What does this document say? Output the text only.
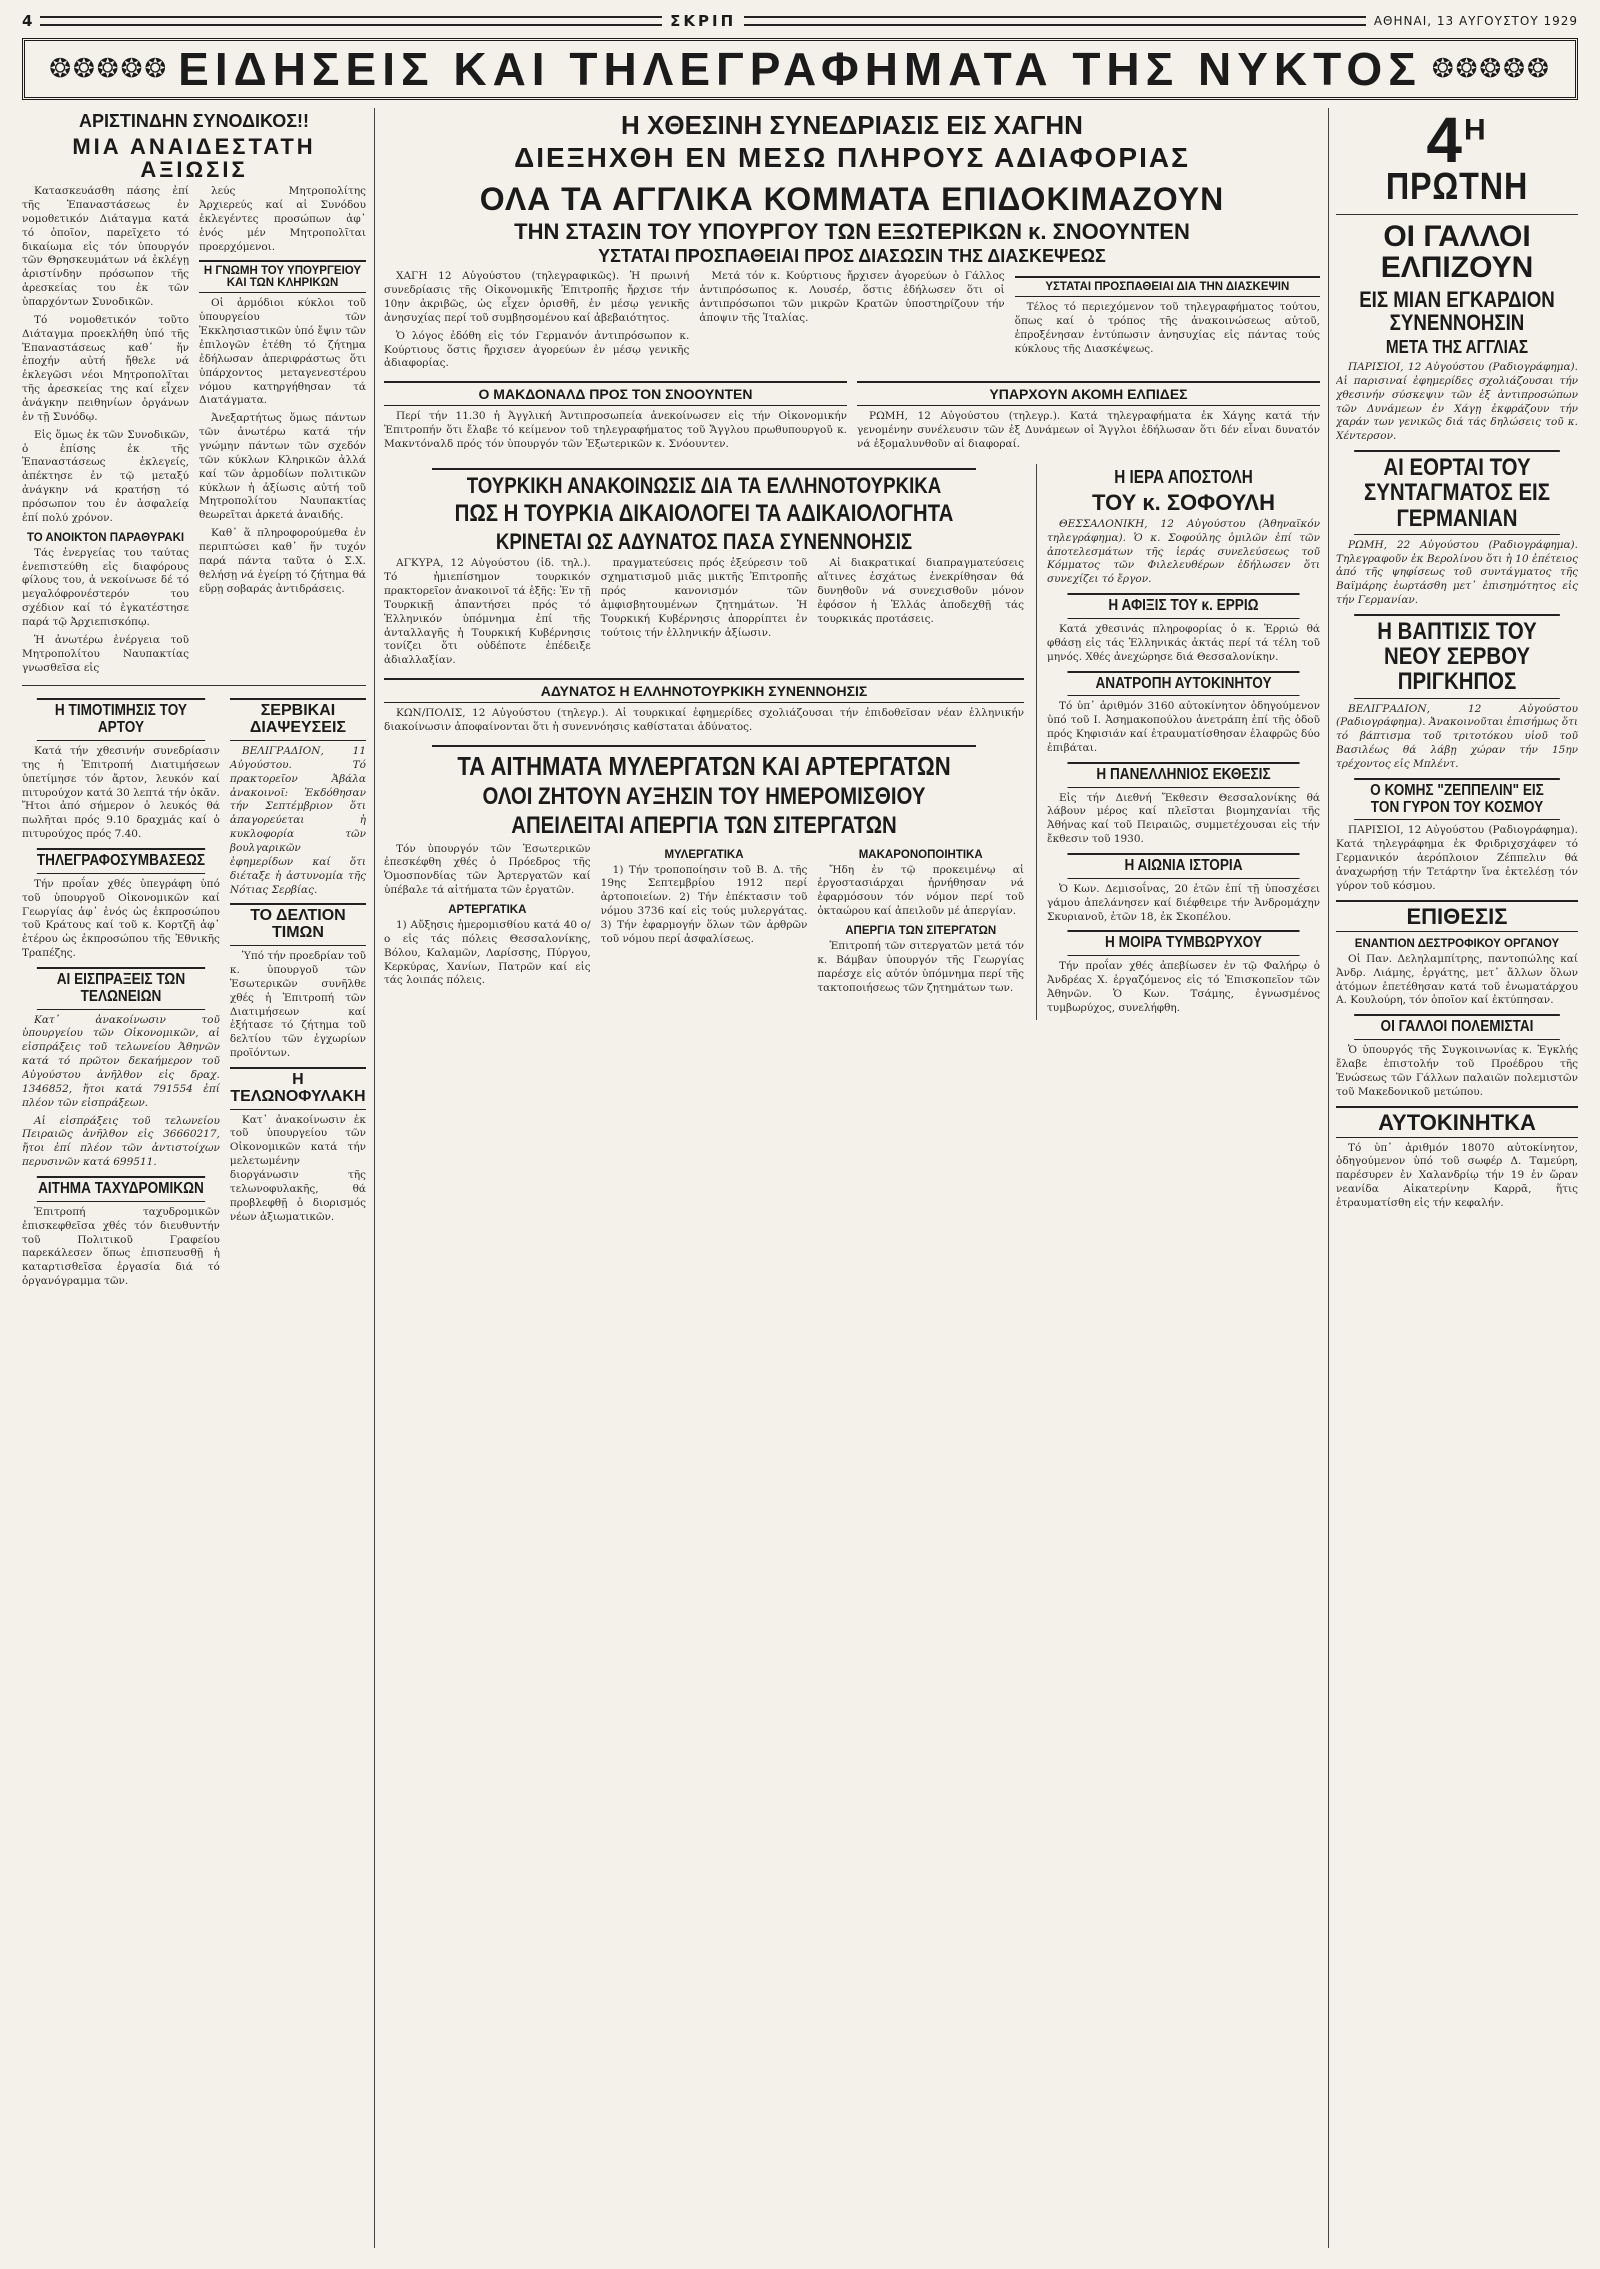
4	ΣΚΡΙΠ	ΑΘΗΝΑΙ, 13 ΑΥΓΟΥΣΤΟΥ 1929
❂❂❂❂❂ ΕΙΔΗΣΕΙΣ ΚΑΙ ΤΗΛΕΓΡΑΦΗΜΑΤΑ ΤΗΣ ΝΥΚΤΟΣ ❂❂❂❂❂
ΑΡΙΣΤΙΝΔΗΝ ΣΥΝΟΔΙΚΟΣ!!
ΜΙΑ ΑΝΑΙΔΕΣΤΑΤΗ ΑΞΙΩΣΙΣ

Κατασκευάσθη πάσης ἐπί τῆς Ἐπαναστάσεως ἐν νομοθετικόν Διάταγμα κατά τό ὁποῖον, παρεῖχετο τό δικαίωμα εἰς τόν ὑπουργόν τῶν Θρησκευμάτων νά ἐκλέγῃ ἀριστίνδην πρόσωπον τῆς ἀρεσκείας του ἐκ τῶν ὑπαρχόντων Συνοδικῶν.

Τό νομοθετικόν τοῦτο Διάταγμα προεκλήθη ὑπό τῆς Ἐπαναστάσεως καθ᾽ ἥν ἐποχήν αὐτή ἤθελε νά ἐκλεγῶσι νέοι Μητροπολῖται τῆς ἀρεσκείας της καί εἶχεν ἀνάγκην πειθηνίων ὀργάνων ἐν τῇ Συνόδῳ.

Εἰς ὅμως ἐκ τῶν Συνοδικῶν, ὁ ἐπίσης ἐκ τῆς Ἐπαναστάσεως ἐκλεγείς, ἀπέκτησε ἐν τῷ μεταξύ ἀνάγκην νά κρατήσῃ τό πρόσωπον του ἐν ἀσφαλείᾳ ἐπί πολύ χρόνον.

ΤΟ ΑΝΟΙΚΤΟΝ ΠΑΡΑΘΥΡΑΚΙ

Τάς ἐνεργείας του ταύτας ἐνεπιστεύθη εἰς διαφόρους φίλους του, ἀ νεκοίνωσε δέ τό μεγαλόφρονέστερόν του σχέδιον καί τό ἐγκατέστησε παρά τῷ Ἀρχιεπισκόπῳ.

Ἡ ἀνωτέρω ἐνέργεια τοῦ Μητροπολίτου Ναυπακτίας γνωσθεῖσα εἰς

λεύς Μητροπολίτης Ἀρχιερεύς καί αἱ Συνόδου ἐκλεγέντες προσώπων ἀφ᾽ ἑνός μέν Μητροπολῖται προερχόμενοι.

Η ΓΝΩΜΗ ΤΟΥ ΥΠΟΥΡΓΕΙΟΥ ΚΑΙ ΤΩΝ ΚΛΗΡΙΚΩΝ

Οἱ ἁρμόδιοι κύκλοι τοῦ ὑπουργείου τῶν Ἐκκλησιαστικῶν ὑπό ἔψιν τῶν ἐπιλογῶν ἐτέθη τό ζήτημα ἐδήλωσαν ἀπεριφράστως ὅτι ὑπάρχοντος μεταγενεστέρου νόμου κατηργήθησαν τά Διατάγματα.

Ἀνεξαρτήτως ὅμως πάντων τῶν ἀνωτέρω κατά τήν γνώμην πάντων τῶν σχεδόν τῶν κύκλων Κληρικῶν ἀλλά καί τῶν ἁρμοδίων πολιτικῶν κύκλων ἡ ἀξίωσις αὐτή τοῦ Μητροπολίτου Ναυπακτίας θεωρεῖται ἀρκετά ἀναιδής.

Καθ᾽ ἅ πληροφορούμεθα ἐν περιπτώσει καθ᾽ ἥν τυχόν παρά πάντα ταῦτα ὁ Σ.Χ. θελήσῃ νά ἐγείρῃ τό ζήτημα θά εὕρῃ σοβαράς ἀντιδράσεις.

Η ΤΙΜΟΤΙΜΗΣΙΣ ΤΟΥ ΑΡΤΟΥ

Κατά τήν χθεσινήν συνεδρίασιν της ἡ Ἐπιτροπή Διατιμήσεων ὑπετίμησε τόν ἄρτον, λευκόν καί πιτυρούχον κατά 30 λεπτά τήν ὀκᾶν. Ἤτοι ἀπό σήμερον ὁ λευκός θά πωλῆται πρός 9.10 δραχμάς καί ὁ πιτυρούχος πρός 7.40.

ΤΗΛΕΓΡΑΦΟΣΥΜΒΑΣΕΩΣ

Τήν προΐαν χθές ὑπεγράφη ὑπό τοῦ ὑπουργοῦ Οἰκονομικῶν καί Γεωργίας ἀφ᾽ ἑνός ὡς ἐκπροσώπου τοῦ Κράτους καί τοῦ κ. Κορτζῆ ἀφ᾽ ἑτέρου ὡς ἐκπροσώπου τῆς Ἐθνικῆς Τραπέζης.

ΑΙ ΕΙΣΠΡΑΞΕΙΣ ΤΩΝ ΤΕΛΩΝΕΙΩΝ

Κατ᾽ ἀνακοίνωσιν τοῦ ὑπουργείου τῶν Οἰκονομικῶν, αἱ εἰσπράξεις τοῦ τελωνείου Ἀθηνῶν κατά τό πρῶτον δεκαήμερον τοῦ Αὐγούστου ἀνῆλθον εἰς δραχ. 1346852, ἤτοι κατά 791554 ἐπί πλέον τῶν εἰσπράξεων.

Αἱ εἰσπράξεις τοῦ τελωνείου Πειραιῶς ἀνῆλθον εἰς 36660217, ἤτοι ἐπί πλέον τῶν ἀντιστοίχων περυσινῶν κατά 699511.

ΑΙΤΗΜΑ ΤΑΧΥΔΡΟΜΙΚΩΝ

Ἐπιτροπή ταχυδρομικῶν ἐπισκεφθεῖσα χθές τόν διευθυντήν τοῦ Πολιτικοῦ Γραφείου παρεκάλεσεν ὅπως ἐπισπευσθῇ ἡ καταρτισθεῖσα ἐργασία διά τό ὀργανόγραμμα τῶν.

ΣΕΡΒΙΚΑΙ ΔΙΑΨΕΥΣΕΙΣ

ΒΕΛΙΓΡΑΔΙΟΝ, 11 Αὐγούστου. Τό πρακτορεῖον Ἀβάλα ἀνακοινοῖ: Ἐκδόθησαν τήν Σεπτέμβριον ὅτι ἀπαγορεύεται ἡ κυκλοφορία τῶν βουλγαρικῶν ἐφημερίδων καί ὅτι διέταξε ἡ ἀστυνομία τῆς Νότιας Σερβίας.

ΤΟ ΔΕΛΤΙΟΝ ΤΙΜΩΝ

Ὑπό τήν προεδρίαν τοῦ κ. ὑπουργοῦ τῶν Ἐσωτερικῶν συνῆλθε χθές ἡ Ἐπιτροπή τῶν Διατιμήσεων καί ἐξήτασε τό ζήτημα τοῦ δελτίου τῶν ἐγχωρίων προϊόντων.

Η ΤΕΛΩΝΟΦΥΛΑΚΗ

Κατ᾽ ἀνακοίνωσιν ἐκ τοῦ ὑπουργείου τῶν Οἰκονομικῶν κατά τήν μελετωμένην διοργάνωσιν τῆς τελωνοφυλακῆς, θά προβλεφθῇ ὁ διορισμός νέων ἀξιωματικῶν.

Η ΧΘΕΣΙΝΗ ΣΥΝΕΔΡΙΑΣΙΣ ΕΙΣ ΧΑΓΗΝ
ΔΙΕΞΗΧΘΗ ΕΝ ΜΕΣΩ ΠΛΗΡΟΥΣ ΑΔΙΑΦΟΡΙΑΣ
ΟΛΑ ΤΑ ΑΓΓΛΙΚΑ ΚΟΜΜΑΤΑ ΕΠΙΔΟΚΙΜΑΖΟΥΝ
ΤΗΝ ΣΤΑΣΙΝ ΤΟΥ ΥΠΟΥΡΓΟΥ ΤΩΝ ΕΞΩΤΕΡΙΚΩΝ κ. ΣΝΟΟΥΝΤΕΝ
ΥΣΤΑΤΑΙ ΠΡΟΣΠΑΘΕΙΑΙ ΠΡΟΣ ΔΙΑΣΩΣΙΝ ΤΗΣ ΔΙΑΣΚΕΨΕΩΣ

ΧΑΓΗ 12 Αὐγούστου (τηλεγραφικῶς). Ἡ πρωινή συνεδρίασις τῆς Οἰκονομικῆς Ἐπιτροπῆς ἤρχισε τήν 10ην ἀκριβῶς, ὡς εἶχεν ὁρισθῆ, ἐν μέσῳ γενικῆς ἀνησυχίας περί τοῦ συμβησομένου καί ἀβεβαιότητος.

Ὁ λόγος ἐδόθη εἰς τόν Γερμανόν ἀντιπρόσωπον κ. Κούρτιους ὅστις ἤρχισεν ἀγορεύων ἐν μέσῳ γενικῆς ἀδιαφορίας.

Μετά τόν κ. Κούρτιους ἤρχισεν ἀγορεύων ὁ Γάλλος ἀντιπρόσωπος κ. Λουσέρ, ὅστις ἐδήλωσεν ὅτι οἱ ἀντιπρόσωποι τῶν μικρῶν Κρατῶν ὑποστηρίζουν τήν ἀποψιν τῆς Ἰταλίας.

ΥΣΤΑΤΑΙ ΠΡΟΣΠΑΘΕΙΑΙ ΔΙΑ ΤΗΝ ΔΙΑΣΚΕΨΙΝ

Τέλος τό περιεχόμενον τοῦ τηλεγραφήματος τούτου, ὅπως καί ὁ τρόπος τῆς ἀνακοινώσεως αὐτοῦ, ἐπροξένησαν ἐντύπωσιν ἀνησυχίας εἰς πάντας τούς κύκλους τῆς Διασκέψεως.

Ο ΜΑΚΔΟΝΑΛΔ ΠΡΟΣ ΤΟΝ ΣΝΟΟΥΝΤΕΝ

Περί τήν 11.30 ἡ Ἀγγλική Ἀντιπροσωπεία ἀνεκοίνωσεν εἰς τήν Οἰκονομικήν Ἐπιτροπήν ὅτι ἔλαβε τό κείμενον τοῦ τηλεγραφήματος τοῦ Ἄγγλου πρωθυπουργοῦ κ. Μακντόναλδ πρός τόν ὑπουργόν τῶν Ἐξωτερικῶν κ. Σνόουντεν.

ΥΠΑΡΧΟΥΝ ΑΚΟΜΗ ΕΛΠΙΔΕΣ

ΡΩΜΗ, 12 Αὐγούστου (τηλεγρ.). Κατά τηλεγραφήματα ἐκ Χάγης κατά τήν γενομένην συνέλευσιν τῶν ἐξ Δυνάμεων οἱ Ἄγγλοι ἐδήλωσαν ὅτι δέν εἶναι δυνατόν νά ἐξομαλυνθοῦν αἱ διαφοραί.

ΤΟΥΡΚΙΚΗ ΑΝΑΚΟΙΝΩΣΙΣ ΔΙΑ ΤΑ ΕΛΛΗΝΟΤΟΥΡΚΙΚΑ
ΠΩΣ Η ΤΟΥΡΚΙΑ ΔΙΚΑΙΟΛΟΓΕΙ ΤΑ ΑΔΙΚΑΙΟΛΟΓΗΤΑ
ΚΡΙΝΕΤΑΙ ΩΣ ΑΔΥΝΑΤΟΣ ΠΑΣΑ ΣΥΝΕΝΝΟΗΣΙΣ

ΑΓΚΥΡΑ, 12 Αὐγούστου (ἰδ. τηλ.). Τό ἡμιεπίσημον τουρκικόν πρακτορεῖον ἀνακοινοῖ τά ἑξῆς: Ἐν τῇ Τουρκικῇ ἀπαντήσει πρός τό Ἑλληνικόν ὑπόμνημα ἐπί τῆς ἀνταλλαγῆς ἡ Τουρκική Κυβέρνησις τονίζει ὅτι οὐδέποτε ἐπέδειξε ἀδιαλλαξίαν.

πραγματεύσεις πρός ἐξεύρεσιν τοῦ σχηματισμοῦ μιᾶς μικτῆς Ἐπιτροπῆς πρός κανονισμόν τῶν ἀμφισβητουμένων ζητημάτων. Ἡ Τουρκική Κυβέρνησις ἀπορρίπτει ἐν τούτοις τήν ἑλληνικήν ἀξίωσιν.

Αἱ διακρατικαί διαπραγματεύσεις αἵτινες ἐσχάτως ἐνεκρίθησαν θά δυνηθοῦν νά συνεχισθοῦν μόνον ἐφόσον ἡ Ἑλλάς ἀποδεχθῇ τάς τουρκικάς προτάσεις.

ΑΔΥΝΑΤΟΣ Η ΕΛΛΗΝΟΤΟΥΡΚΙΚΗ ΣΥΝΕΝΝΟΗΣΙΣ

ΚΩΝ/ΠΟΛΙΣ, 12 Αὐγούστου (τηλεγρ.). Αἱ τουρκικαί ἐφημερίδες σχολιάζουσαι τήν ἐπιδοθεῖσαν νέαν ἑλληνικήν διακοίνωσιν ἀποφαίνονται ὅτι ἡ συνεννόησις καθίσταται ἀδύνατος.

ΤΑ ΑΙΤΗΜΑΤΑ ΜΥΛΕΡΓΑΤΩΝ ΚΑΙ ΑΡΤΕΡΓΑΤΩΝ
ΟΛΟΙ ΖΗΤΟΥΝ ΑΥΞΗΣΙΝ ΤΟΥ ΗΜΕΡΟΜΙΣΘΙΟΥ
ΑΠΕΙΛΕΙΤΑΙ ΑΠΕΡΓΙΑ ΤΩΝ ΣΙΤΕΡΓΑΤΩΝ

Τόν ὑπουργόν τῶν Ἐσωτερικῶν ἐπεσκέφθη χθές ὁ Πρόεδρος τῆς Ὁμοσπονδίας τῶν Ἀρτεργατῶν καί ὑπέβαλε τά αἰτήματα τῶν ἐργατῶν.

ΑΡΤΕΡΓΑΤΙΚΑ

1) Αὔξησις ἡμερομισθίου κατά 40 ο/ο εἰς τάς πόλεις Θεσσαλονίκης, Βόλου, Καλαμῶν, Λαρίσσης, Πύργου, Κερκύρας, Χανίων, Πατρῶν καί εἰς τάς λοιπάς πόλεις.

ΜΥΛΕΡΓΑΤΙΚΑ

1) Τήν τροποποίησιν τοῦ Β. Δ. τῆς 19ης Σεπτεμβρίου 1912 περί ἀρτοποιείων. 2) Τήν ἐπέκτασιν τοῦ νόμου 3736 καί εἰς τούς μυλεργάτας. 3) Τήν ἐφαρμογήν ὅλων τῶν ἀρθρῶν τοῦ νόμου περί ἀσφαλίσεως.

ΜΑΚΑΡΟΝΟΠΟΙΗΤΙΚΑ

Ἤδη ἐν τῷ προκειμένῳ αἱ ἐργοστασιάρχαι ἠρνήθησαν νά ἐφαρμόσουν τόν νόμον περί τοῦ ὀκταώρου καί ἀπειλοῦν μέ ἀπεργίαν.

ΑΠΕΡΓΙΑ ΤΩΝ ΣΙΤΕΡΓΑΤΩΝ

Ἐπιτροπή τῶν σιτεργατῶν μετά τόν κ. Βάμβαν ὑπουργόν τῆς Γεωργίας παρέσχε εἰς αὐτόν ὑπόμνημα περί τῆς τακτοποιήσεως τῶν ζητημάτων των.

Η ΙΕΡΑ ΑΠΟΣΤΟΛΗ
ΤΟΥ κ. ΣΟΦΟΥΛΗ

ΘΕΣΣΑΛΟΝΙΚΗ, 12 Αὐγούστου (Ἀθηναϊκόν τηλεγράφημα). Ὁ κ. Σοφούλης ὁμιλῶν ἐπί τῶν ἀποτελεσμάτων τῆς ἱεράς συνελεύσεως τοῦ Κόμματος τῶν Φιλελευθέρων ἐδήλωσεν ὅτι συνεχίζει τό ἔργον.

Η ΑΦΙΞΙΣ ΤΟΥ κ. ΕΡΡΙΩ

Κατά χθεσινάς πληροφορίας ὁ κ. Ἐρριώ θά φθάσῃ εἰς τάς Ἑλληνικάς ἀκτάς περί τά τέλη τοῦ μηνός. Χθές ἀνεχώρησε διά Θεσσαλονίκην.

ΑΝΑΤΡΟΠΗ ΑΥΤΟΚΙΝΗΤΟΥ

Τό ὑπ᾽ ἀριθμόν 3160 αὐτοκίνητον ὁδηγούμενον ὑπό τοῦ Ι. Ἀσημακοπούλου ἀνετράπη ἐπί τῆς ὁδοῦ πρός Κηφισιάν καί ἐτραυματίσθησαν ἐλαφρῶς δύο ἐπιβάται.

Η ΠΑΝΕΛΛΗΝΙΟΣ ΕΚΘΕΣΙΣ

Εἰς τήν Διεθνή Ἔκθεσιν Θεσσαλονίκης θά λάβουν μέρος καί πλεῖσται βιομηχανίαι τῆς Ἀθήνας καί τοῦ Πειραιῶς, συμμετέχουσαι εἰς τήν ἔκθεσιν τοῦ 1930.

Η ΑΙΩΝΙΑ ΙΣΤΟΡΙΑ

Ὁ Κων. Δεμισοΐνας, 20 ἐτῶν ἐπί τῇ ὑποσχέσει γάμου ἀπελάνησεν καί διέφθειρε τήν Ἀνδρομάχην Σκυριανοῦ, ἐτῶν 18, ἐκ Σκοπέλου.

Η ΜΟΙΡΑ ΤΥΜΒΩΡΥΧΟΥ

Τήν προΐαν χθές ἀπεβίωσεν ἐν τῷ Φαλήρῳ ὁ Ἀνδρέας Χ. ἐργαζόμενος εἰς τό Ἐπισκοπεῖον τῶν Ἀθηνῶν. Ὁ Κων. Τσάμης, ἐγνωσμένος τυμβωρύχος, συνελήφθη.

$4^H$
ΠΡΩΤΝΗ
ΟΙ ΓΑΛΛΟΙ ΕΛΠΙΖΟΥΝ
ΕΙΣ ΜΙΑΝ ΕΓΚΑΡΔΙΟΝ ΣΥΝΕΝΝΟΗΣΙΝ
ΜΕΤΑ ΤΗΣ ΑΓΓΛΙΑΣ

ΠΑΡΙΣΙΟΙ, 12 Αὐγούστου (Ραδιογράφημα). Αἱ παρισιναί ἐφημερίδες σχολιάζουσαι τήν χθεσινήν σύσκεψιν τῶν ἐξ ἀντιπροσώπων τῶν Δυνάμεων ἐν Χάγῃ ἐκφράζουν τήν χαράν των γενικῶς διά τάς δηλώσεις τοῦ κ. Χέντερσον.

ΑΙ ΕΟΡΤΑΙ ΤΟΥ ΣΥΝΤΑΓΜΑΤΟΣ ΕΙΣ ΓΕΡΜΑΝΙΑΝ

ΡΩΜΗ, 22 Αὐγούστου (Ραδιογράφημα). Τηλεγραφοῦν ἐκ Βερολίνου ὅτι ἡ 10 ἐπέτειος ἀπό τῆς ψηφίσεως τοῦ συντάγματος τῆς Βαϊμάρης ἑωρτάσθη μετ᾽ ἐπισημότητος εἰς τήν Γερμανίαν.

Η ΒΑΠΤΙΣΙΣ ΤΟΥ ΝΕΟΥ ΣΕΡΒΟΥ ΠΡΙΓΚΗΠΟΣ

ΒΕΛΙΓΡΑΔΙΟΝ, 12 Αὐγούστου (Ραδιογράφημα). Ἀνακοινοῦται ἐπισήμως ὅτι τό βάπτισμα τοῦ τριτοτόκου υἱοῦ τοῦ Βασιλέως θά λάβῃ χώραν τήν 15ην τρέχοντος εἰς Μπλέντ.

Ο ΚΟΜΗΣ "ΖΕΠΠΕΛΙΝ" ΕΙΣ ΤΟΝ ΓΥΡΟΝ ΤΟΥ ΚΟΣΜΟΥ

ΠΑΡΙΣΙΟΙ, 12 Αὐγούστου (Ραδιογράφημα). Κατά τηλεγράφημα ἐκ Φριδριχσχάφεν τό Γερμανικόν ἀερόπλοιον Ζέππελιν θά ἀναχωρήσῃ τήν Τετάρτην ἵνα ἐκτελέσῃ τόν γύρον τοῦ κόσμου.

ΕΠΙΘΕΣΙΣ
ΕΝΑΝΤΙΟΝ ΔΕΣΤΡΟΦΙΚΟΥ ΟΡΓΑΝΟΥ

Οἱ Παν. Δεληλαμπίτρης, παντοπώλης καί Ἀνδρ. Λιάμης, ἐργάτης, μετ᾽ ἄλλων ὅλων ἀτόμων ἐπετέθησαν κατά τοῦ ἐνωματάρχου Α. Κουλούρη, τόν ὁποῖον καί ἐκτύπησαν.

ΟΙ ΓΑΛΛΟΙ ΠΟΛΕΜΙΣΤΑΙ

Ὁ ὑπουργός τῆς Συγκοινωνίας κ. Ἐγκλής ἔλαβε ἐπιστολήν τοῦ Προέδρου τῆς Ἑνώσεως τῶν Γάλλων παλαιῶν πολεμιστῶν τοῦ Μακεδονικοῦ μετώπου.

ΑΥΤΟΚΙΝΗΤΚΑ

Τό ὑπ᾽ ἀριθμόν 18070 αὐτοκίνητον, ὁδηγούμενον ὑπό τοῦ σωφέρ Δ. Ταμεύρη, παρέσυρεν ἐν Χαλανδρίῳ τήν 19 ἐν ὥραν νεανίδα Αἰκατερίνην Καρρᾶ, ἥτις ἐτραυματίσθη εἰς τήν κεφαλήν.
